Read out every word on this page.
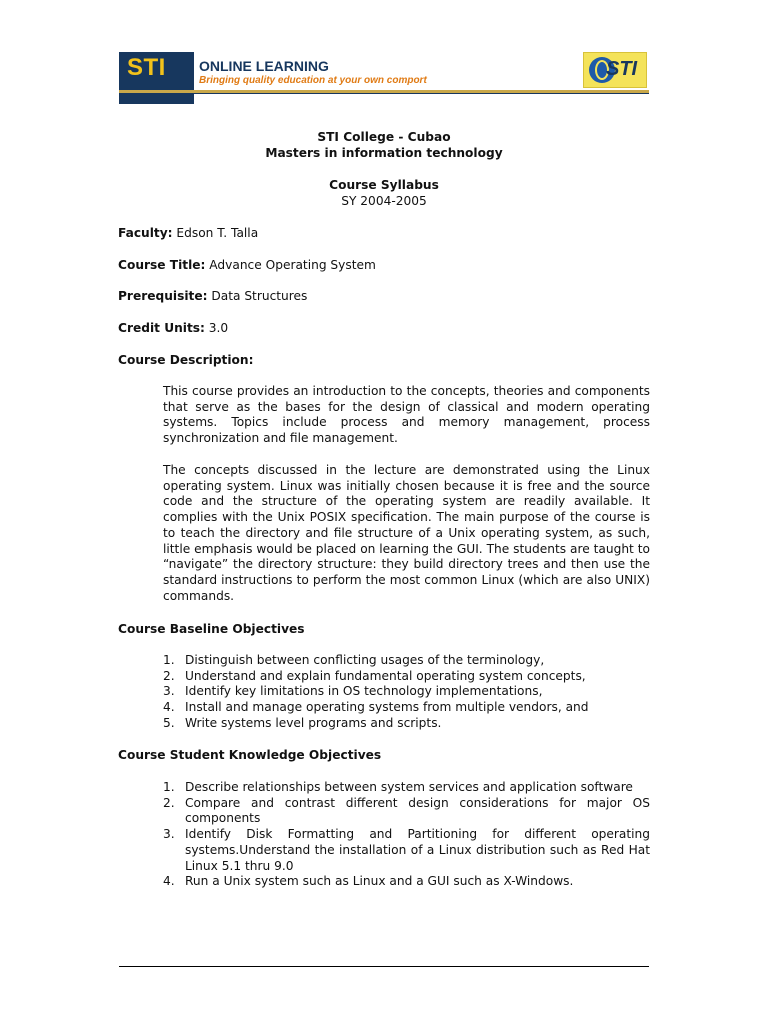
STI ONLINE LEARNING
Bringing quality education at your own comport
STI
STI College - Cubao
Masters in information technology
Course Syllabus
SY 2004-2005
Faculty: Edson T. Talla
Course Title: Advance Operating System
Prerequisite: Data Structures
Credit Units: 3.0
Course Description:
This course provides an introduction to the concepts, theories and components that serve as the bases for the design of classical and modern operating systems. Topics include process and memory management, process synchronization and file management.
The concepts discussed in the lecture are demonstrated using the Linux operating system. Linux was initially chosen because it is free and the source code and the structure of the operating system are readily available. It complies with the Unix POSIX specification. The main purpose of the course is to teach the directory and file structure of a Unix operating system, as such, little emphasis would be placed on learning the GUI. The students are taught to “navigate” the directory structure: they build directory trees and then use the standard instructions to perform the most common Linux (which are also UNIX) commands.
Course Baseline Objectives
1. Distinguish between conflicting usages of the terminology,
2. Understand and explain fundamental operating system concepts,
3. Identify key limitations in OS technology implementations,
4. Install and manage operating systems from multiple vendors, and
5. Write systems level programs and scripts.
Course Student Knowledge Objectives
1. Describe relationships between system services and application software
2. Compare and contrast different design considerations for major OS components
3. Identify Disk Formatting and Partitioning for different operating systems.Understand the installation of a Linux distribution such as Red Hat Linux 5.1 thru 9.0
4. Run a Unix system such as Linux and a GUI such as X-Windows.
